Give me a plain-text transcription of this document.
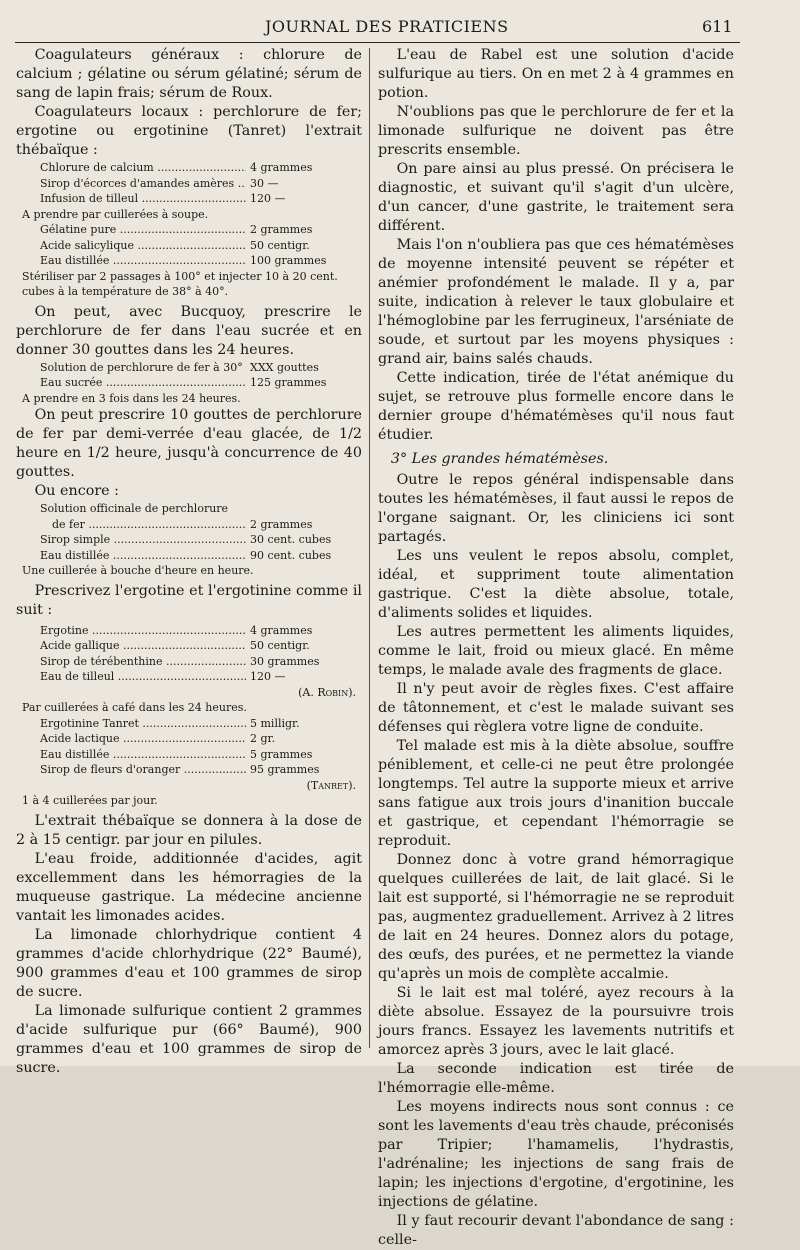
JOURNAL DES PRATICIENS	611

Coagulateurs généraux : chlorure de calcium ; gélatine ou sérum gélatiné; sérum de sang de lapin frais; sérum de Roux.

Coagulateurs locaux : perchlorure de fer; ergotine ou ergotinine (Tanret) l'extrait thébaïque :

Chlorure de calcium .....	4 grammes
Sirop d'écorces d'amandes amères .....	30 —
Infusion de tilleul .....	120 —
A prendre par cuillerées à soupe.
Gélatine pure .....	2 grammes
Acide salicylique .....	50 centigr.
Eau distillée .....	100 grammes
Stériliser par 2 passages à 100° et injecter 10 à 20 cent. cubes à la température de 38° à 40°.

On peut, avec Bucquoy, prescrire le perchlorure de fer dans l'eau sucrée et en donner 30 gouttes dans les 24 heures.

Solution de perchlorure de fer à 30° ..... XXX gouttes
Eau sucrée .....	125 grammes
A prendre en 3 fois dans les 24 heures.

On peut prescrire 10 gouttes de perchlorure de fer par demi-verrée d'eau glacée, de 1/2 heure en 1/2 heure, jusqu'à concurrence de 40 gouttes.

Ou encore :

Solution officinale de perchlorure
de fer .....	2 grammes
Sirop simple .....	30 cent. cubes
Eau distillée .....	90 cent. cubes
Une cuillerée à bouche d'heure en heure.

Prescrivez l'ergotine et l'ergotinine comme il suit :

Ergotine .....	4 grammes
Acide gallique .....	50 centigr.
Sirop de térébenthine .....	30 grammes
Eau de tilleul .....	120 —
(A. Robin).
Par cuillerées à café dans les 24 heures.
Ergotinine Tanret .....	5 milligr.
Acide lactique .....	2 gr.
Eau distillée .....	5 grammes
Sirop de fleurs d'oranger .....	95 grammes
(Tanret).
1 à 4 cuillerées par jour.

L'extrait thébaïque se donnera à la dose de 2 à 15 centigr. par jour en pilules.

L'eau froide, additionnée d'acides, agit excellemment dans les hémorragies de la muqueuse gastrique. La médecine ancienne vantait les limonades acides.

La limonade chlorhydrique contient 4 grammes d'acide chlorhydrique (22° Baumé), 900 grammes d'eau et 100 grammes de sirop de sucre.

La limonade sulfurique contient 2 grammes d'acide sulfurique pur (66° Baumé), 900 grammes d'eau et 100 grammes de sirop de sucre.

L'eau de Rabel est une solution d'acide sulfurique au tiers. On en met 2 à 4 grammes en potion.

N'oublions pas que le perchlorure de fer et la limonade sulfurique ne doivent pas être prescrits ensemble.

On pare ainsi au plus pressé. On précisera le diagnostic, et suivant qu'il s'agit d'un ulcère, d'un cancer, d'une gastrite, le traitement sera différent.

Mais l'on n'oubliera pas que ces hématémèses de moyenne intensité peuvent se répéter et anémier profondément le malade. Il y a, par suite, indication à relever le taux globulaire et l'hémoglobine par les ferrugineux, l'arséniate de soude, et surtout par les moyens physiques : grand air, bains salés chauds.

Cette indication, tirée de l'état anémique du sujet, se retrouve plus formelle encore dans le dernier groupe d'hématémèses qu'il nous faut étudier.

3° Les grandes hématémèses.

Outre le repos général indispensable dans toutes les hématémèses, il faut aussi le repos de l'organe saignant. Or, les cliniciens ici sont partagés.

Les uns veulent le repos absolu, complet, idéal, et suppriment toute alimentation gastrique. C'est la diète absolue, totale, d'aliments solides et liquides.

Les autres permettent les aliments liquides, comme le lait, froid ou mieux glacé. En même temps, le malade avale des fragments de glace.

Il n'y peut avoir de règles fixes. C'est affaire de tâtonnement, et c'est le malade suivant ses défenses qui règlera votre ligne de conduite.

Tel malade est mis à la diète absolue, souffre péniblement, et celle-ci ne peut être prolongée longtemps. Tel autre la supporte mieux et arrive sans fatigue aux trois jours d'inanition buccale et gastrique, et cependant l'hémorragie se reproduit.

Donnez donc à votre grand hémorragique quelques cuillerées de lait, de lait glacé. Si le lait est supporté, si l'hémorragie ne se reproduit pas, augmentez graduellement. Arrivez à 2 litres de lait en 24 heures. Donnez alors du potage, des œufs, des purées, et ne permettez la viande qu'après un mois de complète accalmie.

Si le lait est mal toléré, ayez recours à la diète absolue. Essayez de la poursuivre trois jours francs. Essayez les lavements nutritifs et amorcez après 3 jours, avec le lait glacé.

La seconde indication est tirée de l'hémorragie elle-même.

Les moyens indirects nous sont connus : ce sont les lavements d'eau très chaude, préconisés par Tripier; l'hamamelis, l'hydrastis, l'adrénaline; les injections de sang frais de lapin; les injections d'ergotine, d'ergotinine, les injections de gélatine.

Il y faut recourir devant l'abondance de sang : celle-
